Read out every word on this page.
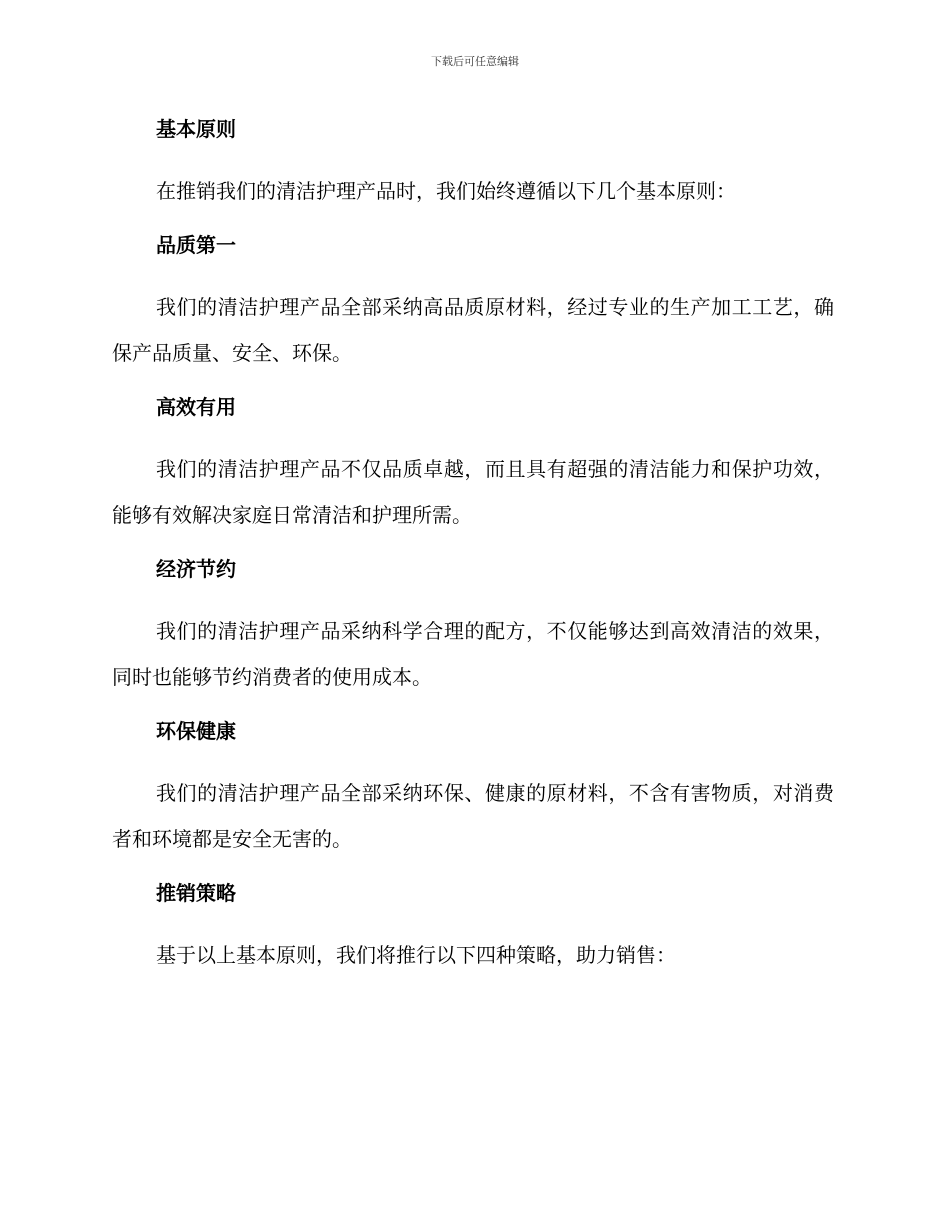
下载后可任意编辑
基本原则
在推销我们的清洁护理产品时，我们始终遵循以下几个基本原则：
品质第一
我们的清洁护理产品全部采纳高品质原材料，经过专业的生产加工工艺，确保产品质量、安全、环保。
高效有用
我们的清洁护理产品不仅品质卓越，而且具有超强的清洁能力和保护功效，能够有效解决家庭日常清洁和护理所需。
经济节约
我们的清洁护理产品采纳科学合理的配方，不仅能够达到高效清洁的效果，同时也能够节约消费者的使用成本。
环保健康
我们的清洁护理产品全部采纳环保、健康的原材料，不含有害物质，对消费者和环境都是安全无害的。
推销策略
基于以上基本原则，我们将推行以下四种策略，助力销售：
